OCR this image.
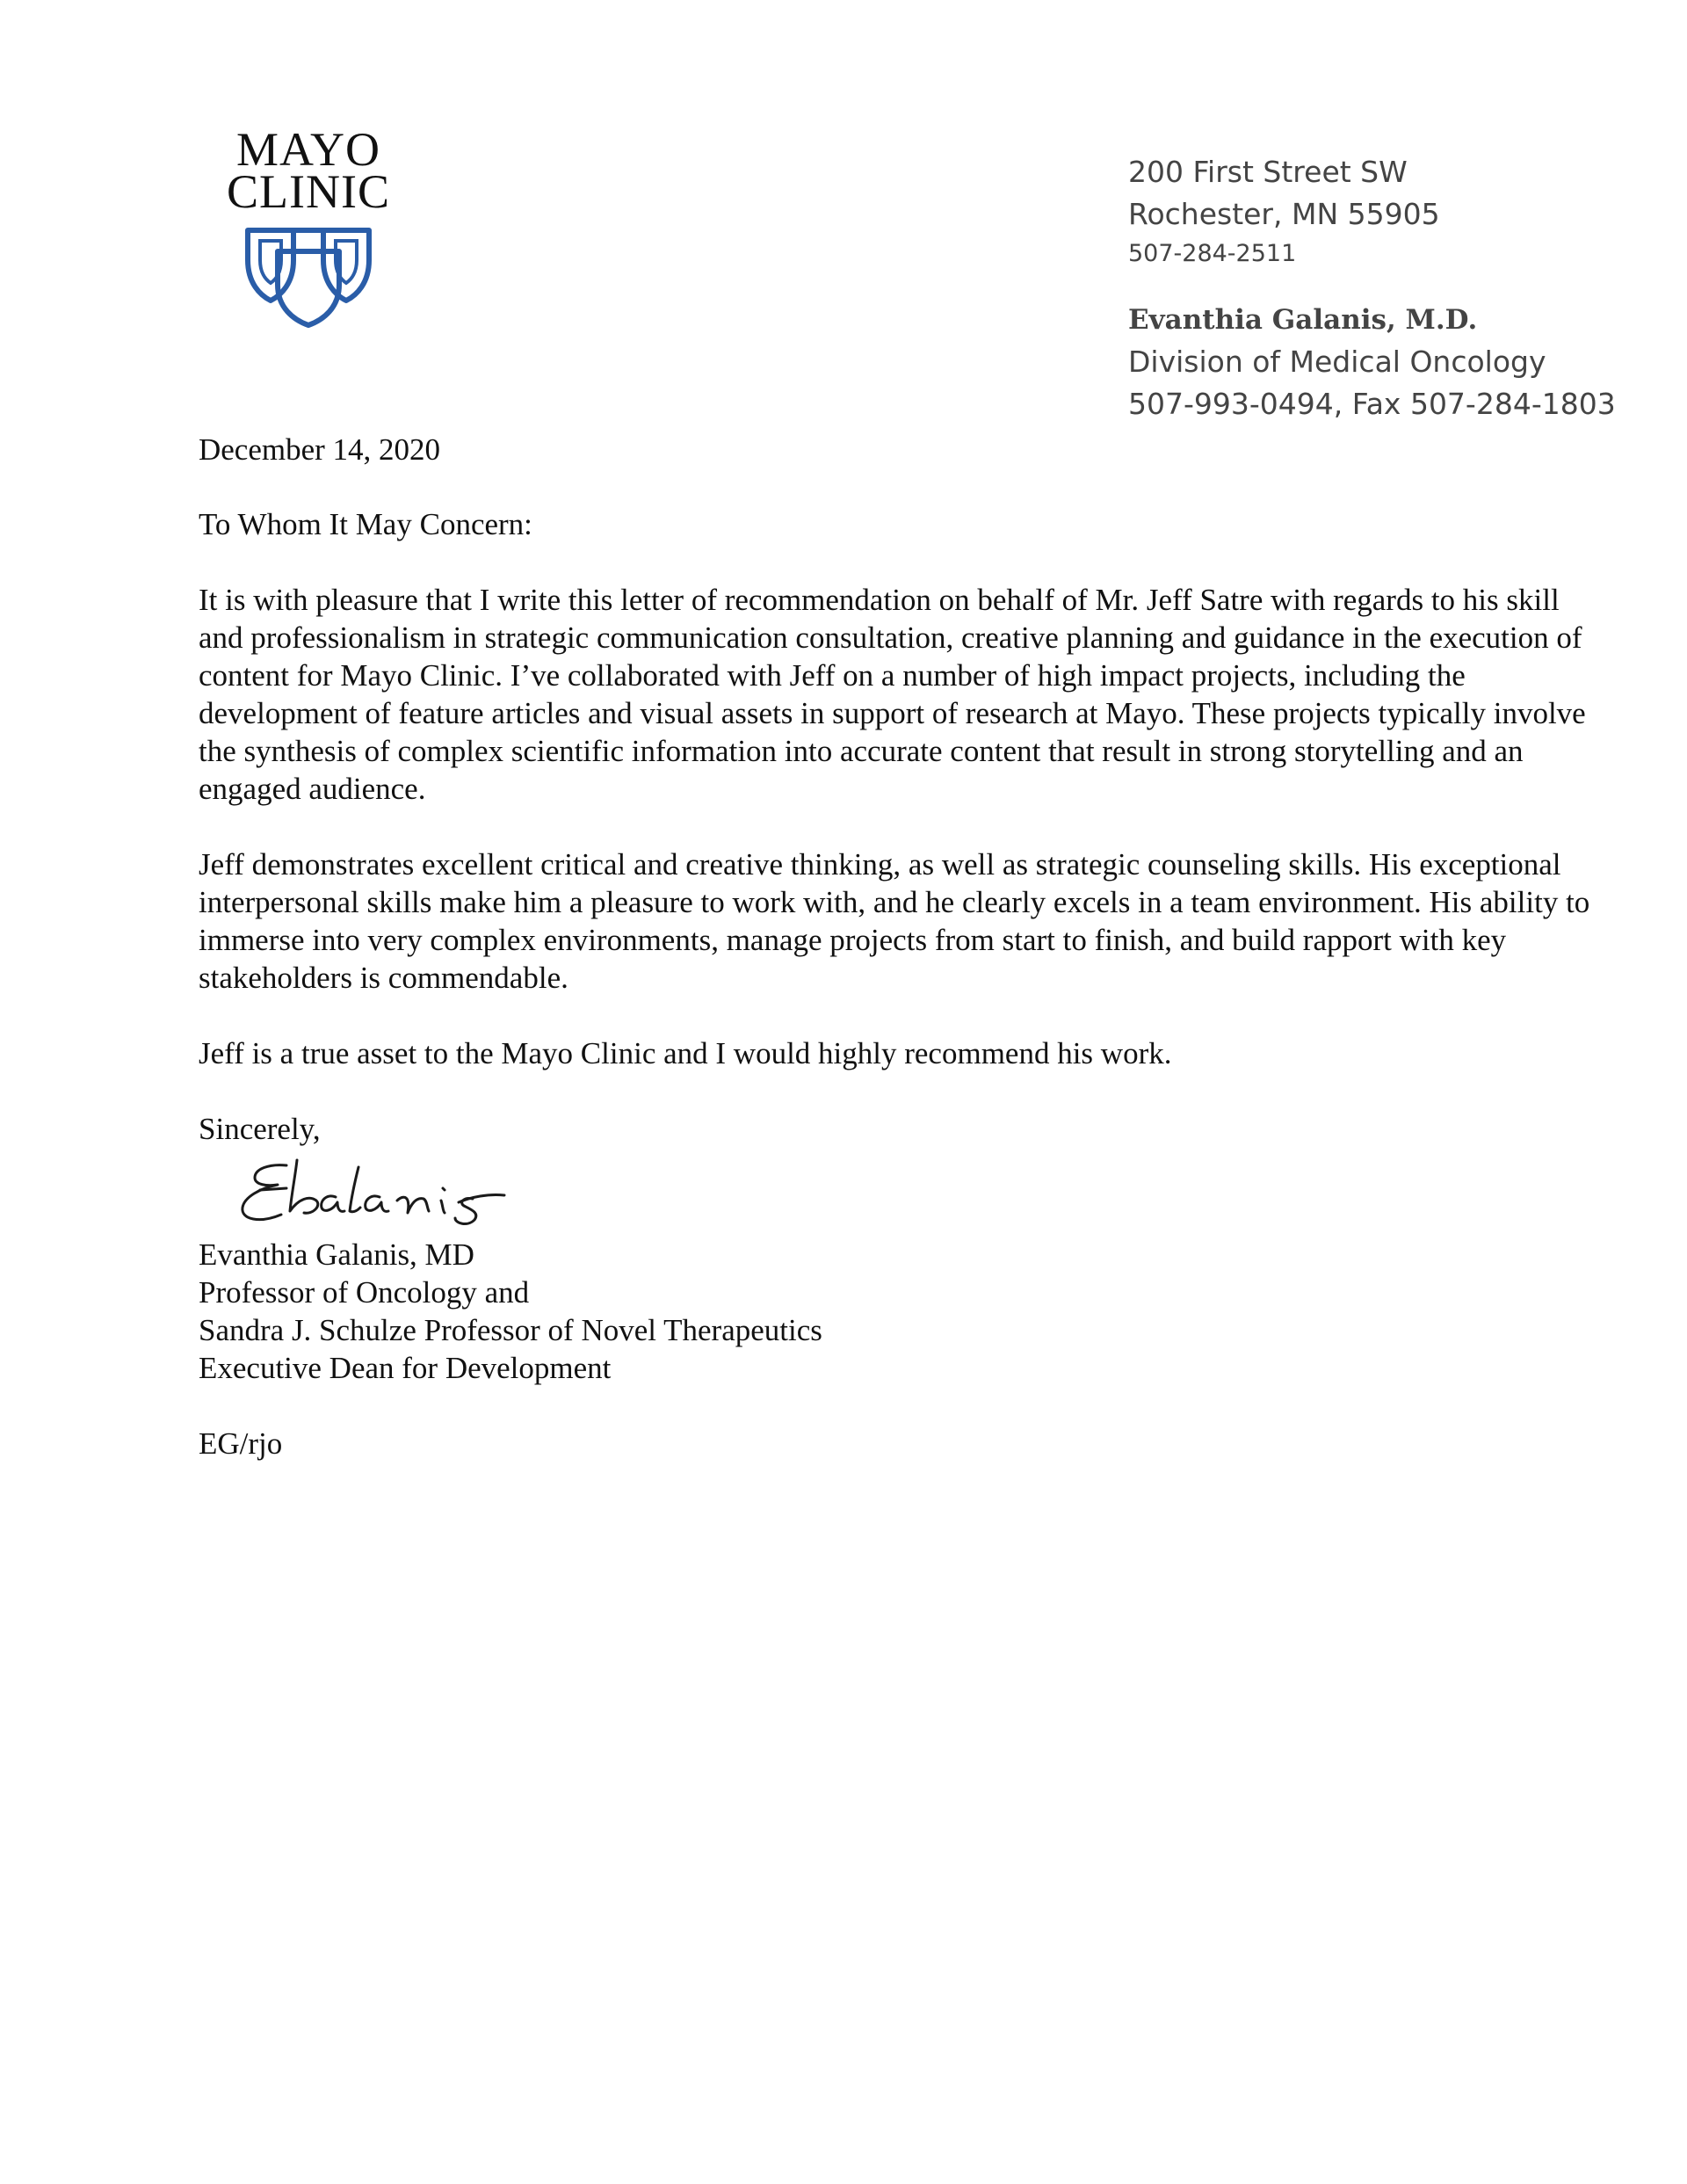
MAYO
CLINIC	200 First Street SW
Rochester, MN 55905
507-284-2511
Evanthia Galanis, M.D.
Division of Medical Oncology
507-993-0494, Fax 507-284-1803

December 14, 2020

To Whom It May Concern:

It is with pleasure that I write this letter of recommendation on behalf of Mr. Jeff Satre with regards to his skill and professionalism in strategic communication consultation, creative planning and guidance in the execution of content for Mayo Clinic. I’ve collaborated with Jeff on a number of high impact projects, including the development of feature articles and visual assets in support of research at Mayo. These projects typically involve the synthesis of complex scientific information into accurate content that result in strong storytelling and an engaged audience.

Jeff demonstrates excellent critical and creative thinking, as well as strategic counseling skills. His exceptional interpersonal skills make him a pleasure to work with, and he clearly excels in a team environment. His ability to immerse into very complex environments, manage projects from start to finish, and build rapport with key stakeholders is commendable.

Jeff is a true asset to the Mayo Clinic and I would highly recommend his work.

Sincerely,

Evanthia Galanis, MD
Professor of Oncology and
Sandra J. Schulze Professor of Novel Therapeutics
Executive Dean for Development

EG/rjo
